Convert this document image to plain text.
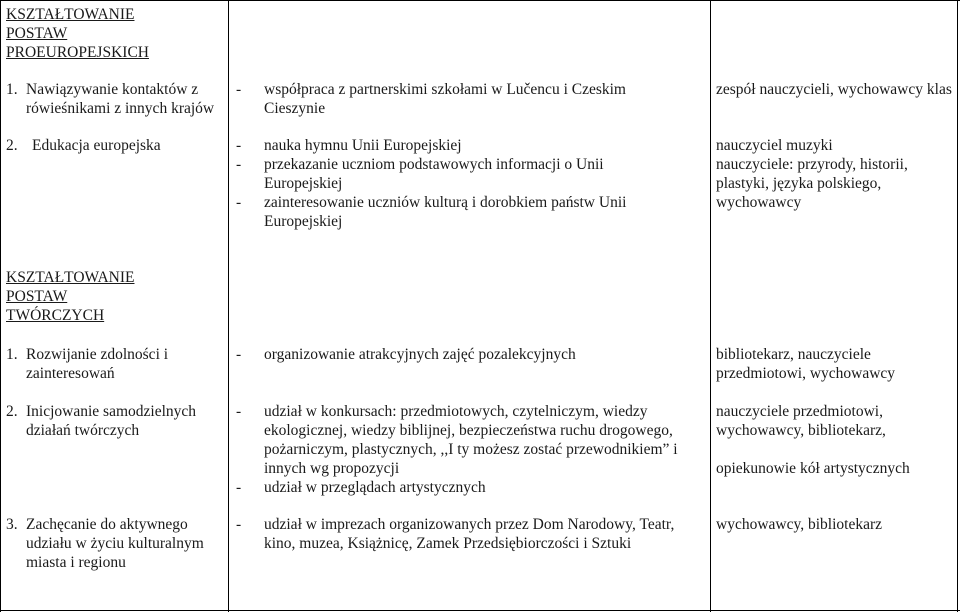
KSZTAŁTOWANIE
POSTAW
PROEUROPEJSKICH
1. Nawiązywanie kontaktów z rówieśnikami z innych krajów
- współpraca z partnerskimi szkołami w Lučencu i Czeskim Cieszynie
zespół nauczycieli, wychowawcy klas
2. Edukacja europejska
-	nauka hymnu Unii Europejskiej
- przekazanie uczniom podstawowych informacji o Unii Europejskiej
- zainteresowanie uczniów kulturą i dorobkiem państw Unii Europejskiej
nauczyciel muzyki
nauczyciele: przyrody, historii, plastyki, języka polskiego, wychowawcy
KSZTAŁTOWANIE
POSTAW
TWÓRCZYCH
1. Rozwijanie zdolności i zainteresowań
- organizowanie atrakcyjnych zajęć pozalekcyjnych	bibliotekarz, nauczyciele przedmiotowi, wychowawcy
2. Inicjowanie samodzielnych działań twórczych
- udział w konkursach: przedmiotowych, czytelniczym, wiedzy ekologicznej, wiedzy biblijnej, bezpieczeństwa ruchu drogowego, pożarniczym, plastycznych, ,,I ty możesz zostać przewodnikiem” i innych wg propozycji
- udział w przeglądach artystycznych
nauczyciele przedmiotowi, wychowawcy, bibliotekarz,
opiekunowie kół artystycznych
3. Zachęcanie do aktywnego udziału w życiu kulturalnym miasta i regionu
- udział w imprezach organizowanych przez Dom Narodowy, Teatr, kino, muzea, Książnicę, Zamek Przedsiębiorczości i Sztuki
wychowawcy, bibliotekarz
